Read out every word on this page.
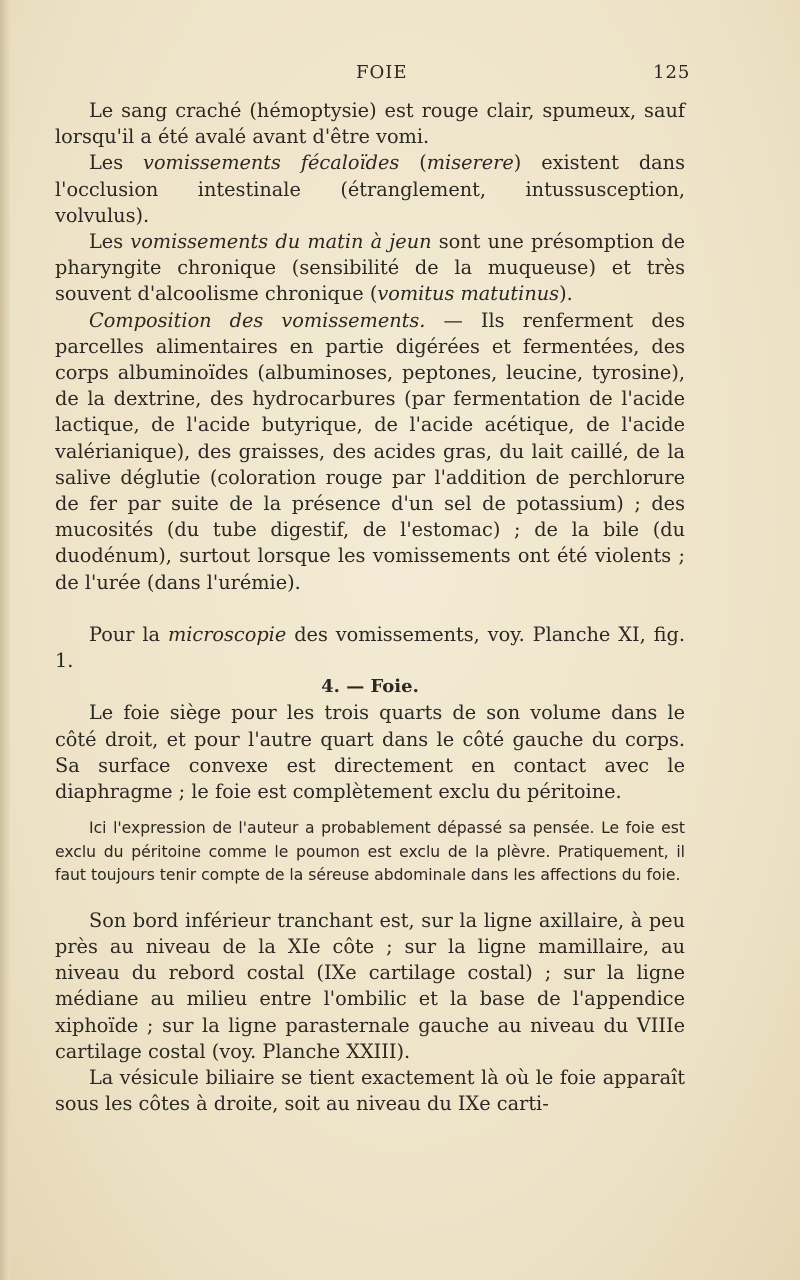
FOIE	125

Le sang craché (hémoptysie) est rouge clair, spumeux, sauf lorsqu'il a été avalé avant d'être vomi.

Les vomissements fécaloïdes (miserere) existent dans l'occlusion intestinale (étranglement, intussusception, volvulus).

Les vomissements du matin à jeun sont une présomption de pharyngite chronique (sensibilité de la muqueuse) et très souvent d'alcoolisme chronique (vomitus matutinus).

Composition des vomissements. — Ils renferment des parcelles alimentaires en partie digérées et fermentées, des corps albuminoïdes (albuminoses, peptones, leucine, tyrosine), de la dextrine, des hydrocarbures (par fermentation de l'acide lactique, de l'acide butyrique, de l'acide acétique, de l'acide valérianique), des graisses, des acides gras, du lait caillé, de la salive déglutie (coloration rouge par l'addition de perchlorure de fer par suite de la présence d'un sel de potassium) ; des mucosités (du tube digestif, de l'estomac) ; de la bile (du duodénum), surtout lorsque les vomissements ont été violents ; de l'urée (dans l'urémie).

Pour la microscopie des vomissements, voy. Planche XI, fig. 1.

4. — Foie.

Le foie siège pour les trois quarts de son volume dans le côté droit, et pour l'autre quart dans le côté gauche du corps. Sa surface convexe est directement en contact avec le diaphragme ; le foie est complètement exclu du péritoine.

Ici l'expression de l'auteur a probablement dépassé sa pensée. Le foie est exclu du péritoine comme le poumon est exclu de la plèvre. Pratiquement, il faut toujours tenir compte de la séreuse abdominale dans les affections du foie.

Son bord inférieur tranchant est, sur la ligne axillaire, à peu près au niveau de la XIe côte ; sur la ligne mamillaire, au niveau du rebord costal (IXe cartilage costal) ; sur la ligne médiane au milieu entre l'ombilic et la base de l'appendice xiphoïde ; sur la ligne parasternale gauche au niveau du VIIIe cartilage costal (voy. Planche XXIII).

La vésicule biliaire se tient exactement là où le foie apparaît sous les côtes à droite, soit au niveau du IXe carti-
